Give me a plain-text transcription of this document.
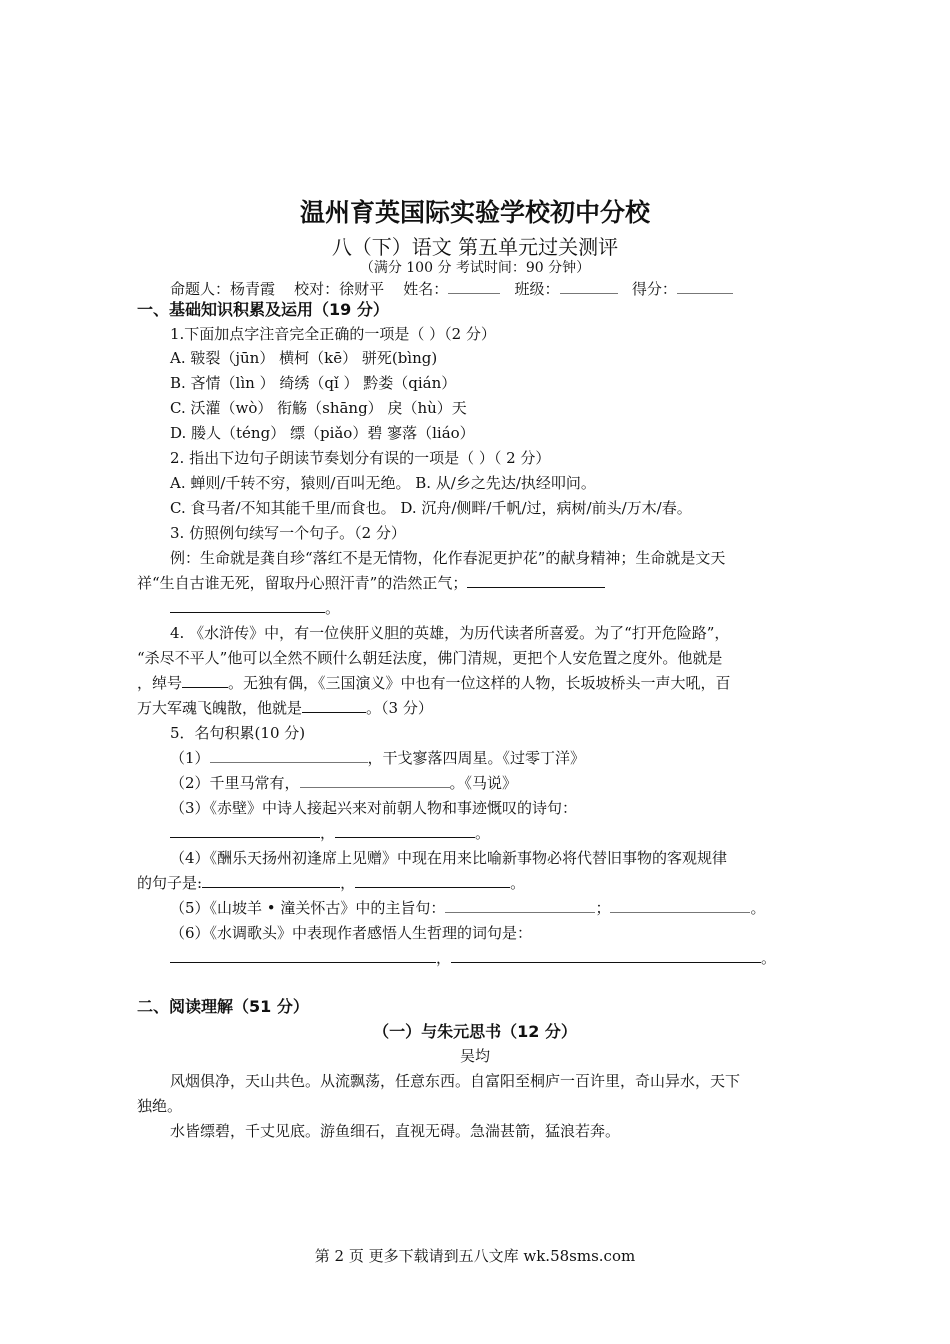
温州育英国际实验学校初中分校
八（下）语文 第五单元过关测评
（满分 100 分 考试时间：90 分钟）
命题人：杨青霞 校对：徐财平 姓名：	班级：	得分：
一、基础知识积累及运用（19 分）
1.下面加点字注音完全正确的一项是（ ）（2 分）
A. 皲裂（jūn） 横柯（kē） 骈死(bìng)
B. 吝情（lìn ） 绮绣（qǐ ） 黔娄（qián）
C. 沃灌（wò） 衔觞（shāng） 戾（hù）天
D. 媵人（téng） 缥（piǎo）碧 寥落（liáo）
2. 指出下边句子朗读节奏划分有误的一项是（ ）（ 2 分）
A. 蝉则/千转不穷，猿则/百叫无绝。 B. 从/乡之先达/执经叩问。
C. 食马者/不知其能千里/而食也。 D. 沉舟/侧畔/千帆/过，病树/前头/万木/春。
3. 仿照例句续写一个句子。（2 分）
例：生命就是龚自珍“落红不是无情物，化作春泥更护花”的献身精神；生命就是文天
祥“生自古谁无死，留取丹心照汗青”的浩然正气；
。
4. 《水浒传》中，有一位侠肝义胆的英雄，为历代读者所喜爱。为了“打开危险路”，
“杀尽不平人”他可以全然不顾什么朝廷法度，佛门清规，更把个人安危置之度外。他就是
，绰号	。无独有偶，《三国演义》中也有一位这样的人物，长坂坡桥头一声大吼，百
万大军魂飞魄散，他就是	。（3 分）
5．名句积累(10 分)
（1）	，干戈寥落四周星。《过零丁洋》
（2）千里马常有，	。《马说》
（3）《赤壁》中诗人接起兴来对前朝人物和事迹慨叹的诗句：
，	。
（4）《酬乐天扬州初逢席上见赠》中现在用来比喻新事物必将代替旧事物的客观规律
的句子是:	，	。
（5）《山坡羊 • 潼关怀古》中的主旨句：	；	。
（6）《水调歌头》中表现作者感悟人生哲理的词句是：
，	。
二、阅读理解（51 分）
（一）与朱元思书（12 分）
吴均
风烟俱净，天山共色。从流飘荡，任意东西。自富阳至桐庐一百许里，奇山异水，天下
独绝。
水皆缥碧，千丈见底。游鱼细石，直视无碍。急湍甚箭，猛浪若奔。
第 2 页 更多下载请到五八文库 wk.58sms.com
